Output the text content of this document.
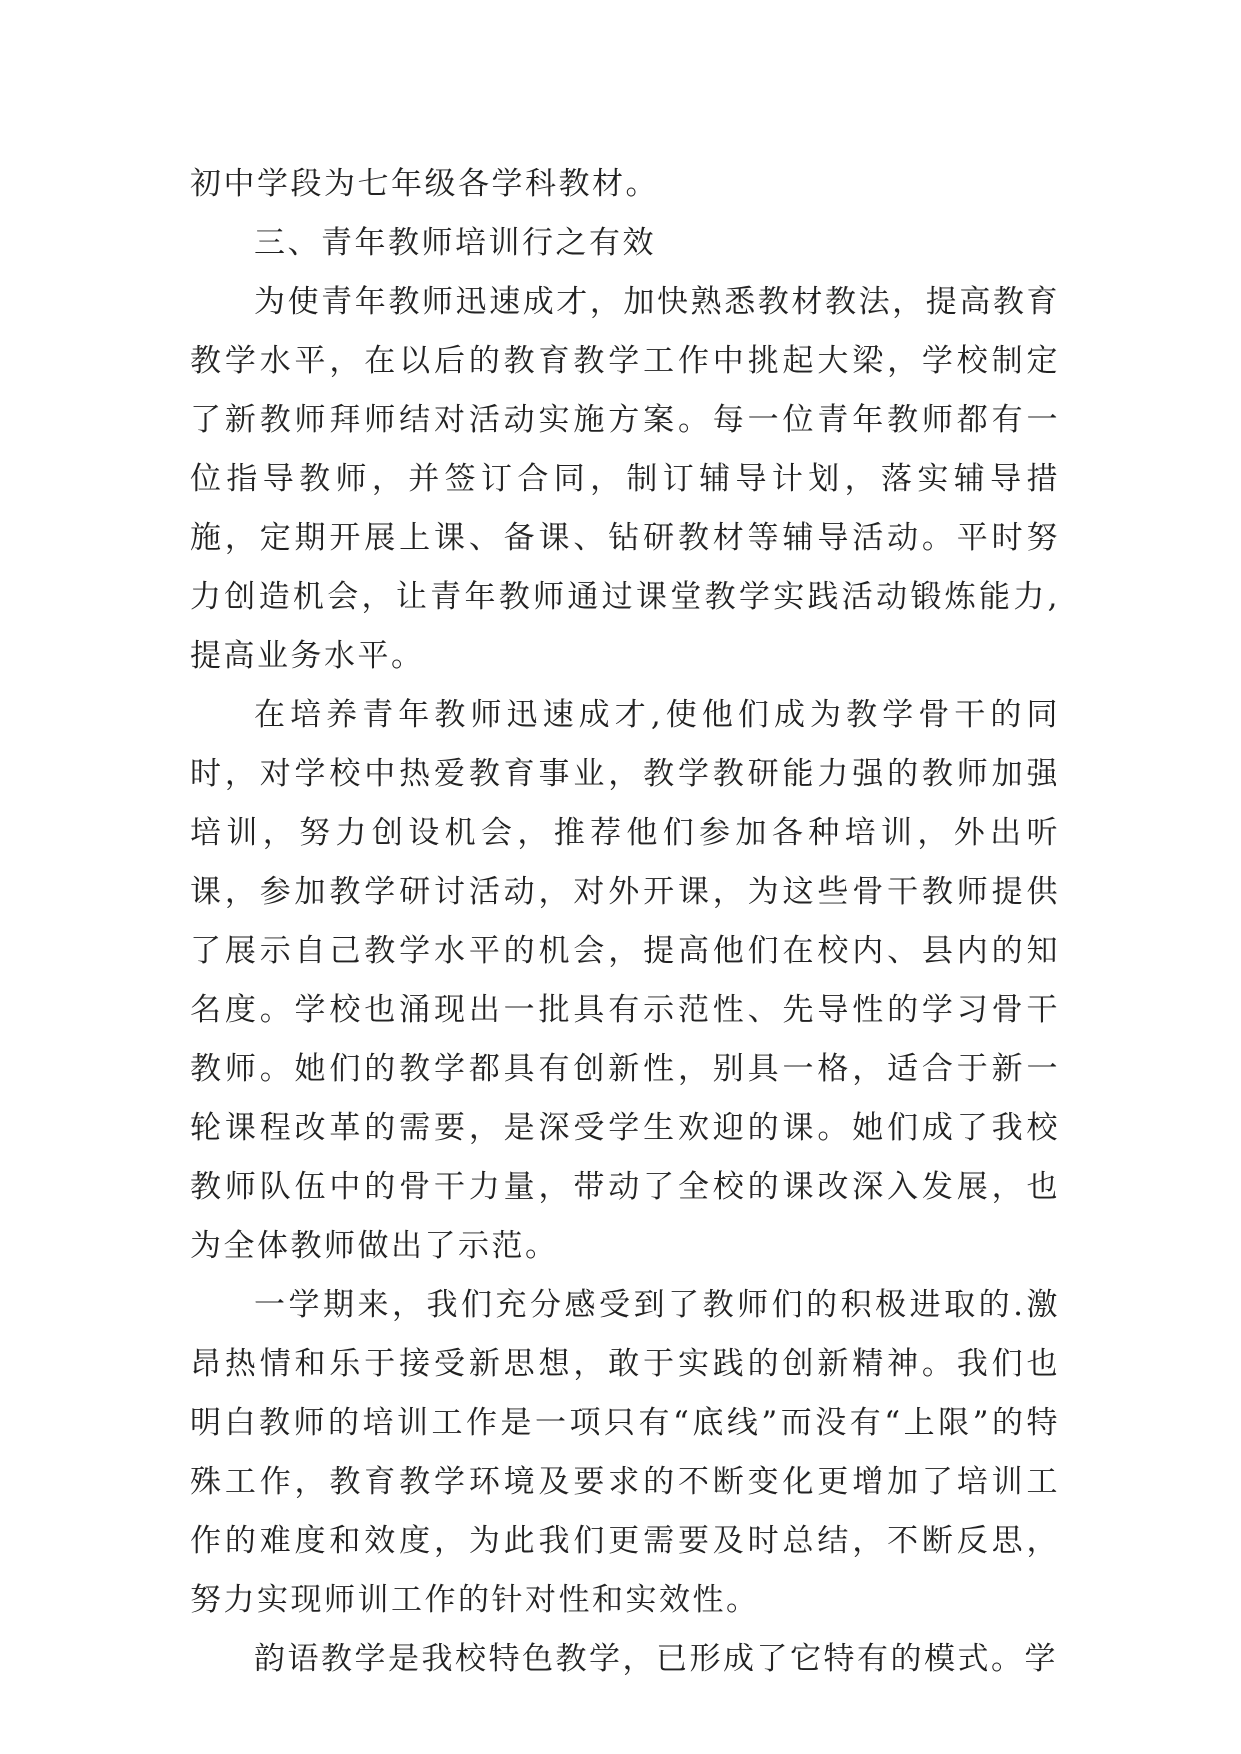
初中学段为七年级各学科教材。

三、青年教师培训行之有效

为使青年教师迅速成才，加快熟悉教材教法，提高教育教学水平，在以后的教育教学工作中挑起大梁，学校制定了新教师拜师结对活动实施方案。每一位青年教师都有一位指导教师，并签订合同，制订辅导计划，落实辅导措施，定期开展上课、备课、钻研教材等辅导活动。平时努力创造机会，让青年教师通过课堂教学实践活动锻炼能力,提高业务水平。

在培养青年教师迅速成才,使他们成为教学骨干的同时，对学校中热爱教育事业，教学教研能力强的教师加强培训，努力创设机会，推荐他们参加各种培训，外出听课，参加教学研讨活动，对外开课，为这些骨干教师提供了展示自己教学水平的机会，提高他们在校内、县内的知名度。学校也涌现出一批具有示范性、先导性的学习骨干教师。她们的教学都具有创新性，别具一格，适合于新一轮课程改革的需要，是深受学生欢迎的课。她们成了我校教师队伍中的骨干力量，带动了全校的课改深入发展，也为全体教师做出了示范。

一学期来，我们充分感受到了教师们的积极进取的.激昂热情和乐于接受新思想，敢于实践的创新精神。我们也明白教师的培训工作是一项只有“底线”而没有“上限”的特殊工作，教育教学环境及要求的不断变化更增加了培训工作的难度和效度，为此我们更需要及时总结，不断反思，努力实现师训工作的针对性和实效性。

韵语教学是我校特色教学，已形成了它特有的模式。学
